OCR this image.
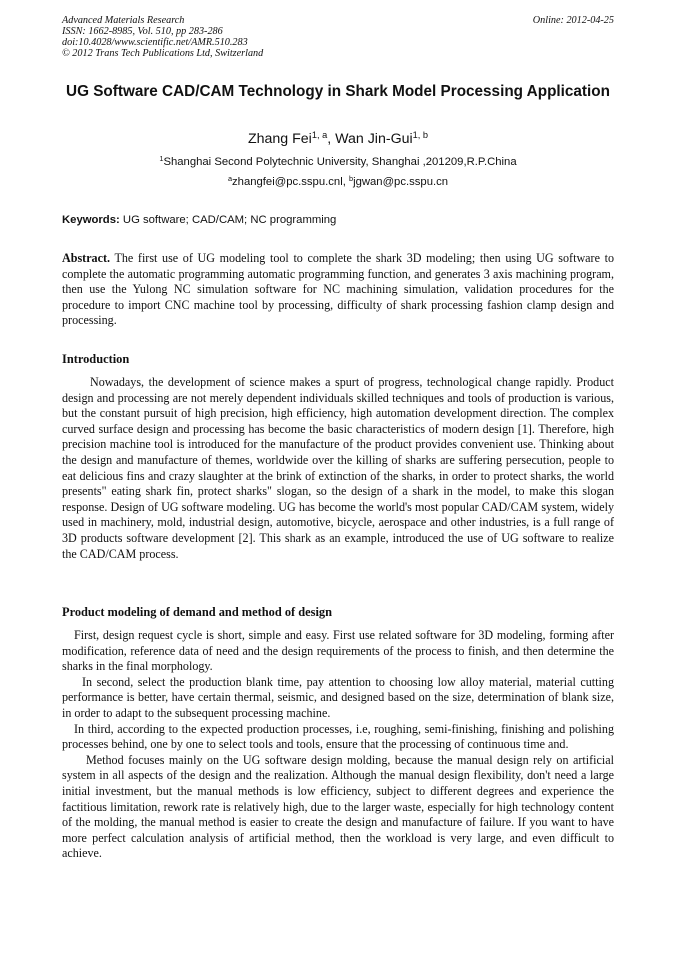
Advanced Materials Research
ISSN: 1662-8985, Vol. 510, pp 283-286
doi:10.4028/www.scientific.net/AMR.510.283
© 2012 Trans Tech Publications Ltd, Switzerland
Online: 2012-04-25
UG Software CAD/CAM Technology in Shark Model Processing Application
Zhang Fei$^{1, a}$, Wan Jin-Gui$^{1, b}$
$^1$Shanghai Second Polytechnic University, Shanghai ,201209,R.P.China
$^a$zhangfei@pc.sspu.cnl, $^b$jgwan@pc.sspu.cn
Keywords: UG software; CAD/CAM; NC programming

Abstract. The first use of UG modeling tool to complete the shark 3D modeling; then using UG software to complete the automatic programming automatic programming function, and generates 3 axis machining program, then use the Yulong NC simulation software for NC machining simulation, validation procedures for the procedure to import CNC machine tool by processing, difficulty of shark processing fashion clamp design and processing.

Introduction

Nowadays, the development of science makes a spurt of progress, technological change rapidly. Product design and processing are not merely dependent individuals skilled techniques and tools of production is various, but the constant pursuit of high precision, high efficiency, high automation development direction. The complex curved surface design and processing has become the basic characteristics of modern design [1]. Therefore, high precision machine tool is introduced for the manufacture of the product provides convenient use. Thinking about the design and manufacture of themes, worldwide over the killing of sharks are suffering persecution, people to eat delicious fins and crazy slaughter at the brink of extinction of the sharks, in order to protect sharks, the world presents" eating shark fin, protect sharks" slogan, so the design of a shark in the model, to make this slogan response. Design of UG software modeling. UG has become the world's most popular CAD/CAM system, widely used in machinery, mold, industrial design, automotive, bicycle, aerospace and other industries, is a full range of 3D products software development [2]. This shark as an example, introduced the use of UG software to realize the CAD/CAM process.

Product modeling of demand and method of design

First, design request cycle is short, simple and easy. First use related software for 3D modeling, forming after modification, reference data of need and the design requirements of the process to finish, and then determine the sharks in the final morphology.

In second, select the production blank time, pay attention to choosing low alloy material, material cutting performance is better, have certain thermal, seismic, and designed based on the size, determination of blank size, in order to adapt to the subsequent processing machine.

In third, according to the expected production processes, i.e, roughing, semi-finishing, finishing and polishing processes behind, one by one to select tools and tools, ensure that the processing of continuous time and.

Method focuses mainly on the UG software design molding, because the manual design rely on artificial system in all aspects of the design and the realization. Although the manual design flexibility, don't need a large initial investment, but the manual methods is low efficiency, subject to different degrees and experience the factitious limitation, rework rate is relatively high, due to the larger waste, especially for high technology content of the molding, the manual method is easier to create the design and manufacture of failure. If you want to have more perfect calculation analysis of artificial method, then the workload is very large, and even difficult to achieve.
